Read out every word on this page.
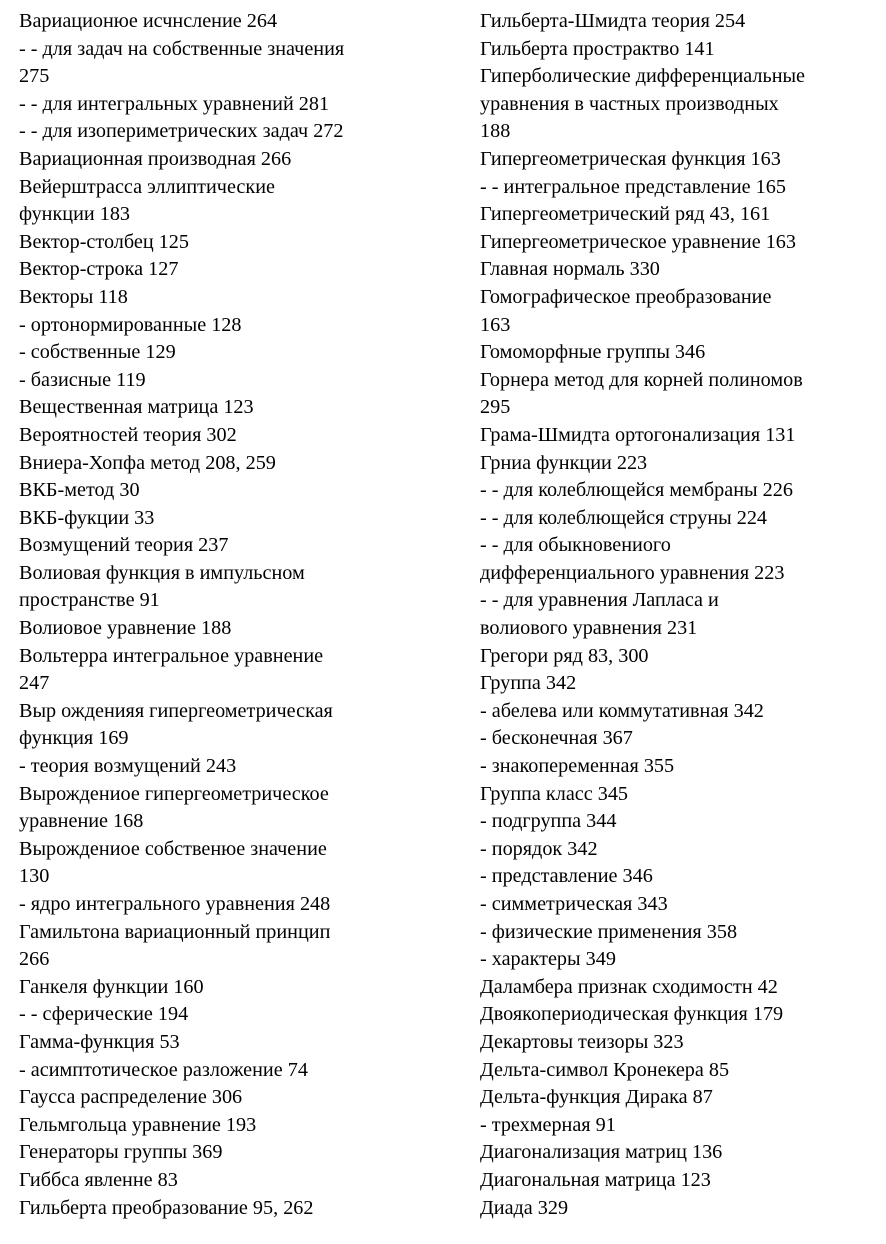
Вариационюе исчнсление 264
- - для задач на собственные значения
275
- - для интегральных уравнений 281
- - для изопериметрических задач 272
Вариационная производная 266
Вейерштрасса эллиптические
функции 183
Вектор-столбец 125
Вектор-строка 127
Векторы 118
- ортонормированные 128
- собственные 129
- базисные 119
Вещественная матрица 123
Вероятностей теория 302
Вниера-Хопфа метод 208, 259
ВКБ-метод 30
ВКБ-фукции 33
Возмущений теория 237
Волиовая функция в импульсном
пространстве 91
Волиовое уравнение 188
Вольтерра интегральное уравнение
247
Выр ожденияя гипергеометрическая
функция 169
- теория возмущений 243
Вырождениое гипергеометрическое
уравнение 168
Вырождениое собственюе значение
130
- ядро интегрального уравнения 248
Гамильтона вариационный принцип
266
Ганкеля функции 160
- - сферические 194
Гамма-функция 53
- асимптотическое разложение 74
Гаусса распределение 306
Гельмгольца уравнение 193
Генераторы группы 369
Гиббса явленне 83
Гильберта преобразование 95, 262
Гильберта-Шмидта теория 254
Гильберта прострактво 141
Гиперболические дифференциальные
уравнения в частных производных
188
Гипергеометрическая функция 163
- - интегральное представление 165
Гипергеометрический ряд 43, 161
Гипергеометрическое уравнение 163
Главная нормаль 330
Гомографическое преобразование
163
Гомоморфные группы 346
Горнера метод для корней полиномов
295
Грама-Шмидта ортогонализация 131
Грниа функции 223
- - для колеблющейся мембраны 226
- - для колеблющейся струны 224
- - для обыкновениого
дифференциального уравнения 223
- - для уравнения Лапласа и
волиового уравнения 231
Грегори ряд 83, 300
Группа 342
- абелева или коммутативная 342
- бесконечная 367
- знакопеременная 355
Группа класс 345
- подгруппа 344
- порядок 342
- представление 346
- симметрическая 343
- физические применения 358
- характеры 349
Даламбера признак сходимостн 42
Двоякопериодическая функция 179
Декартовы теизоры 323
Дельта-символ Кронекера 85
Дельта-функция Дирака 87
- трехмерная 91
Диагонализация матриц 136
Диагональная матрица 123
Диада 329
